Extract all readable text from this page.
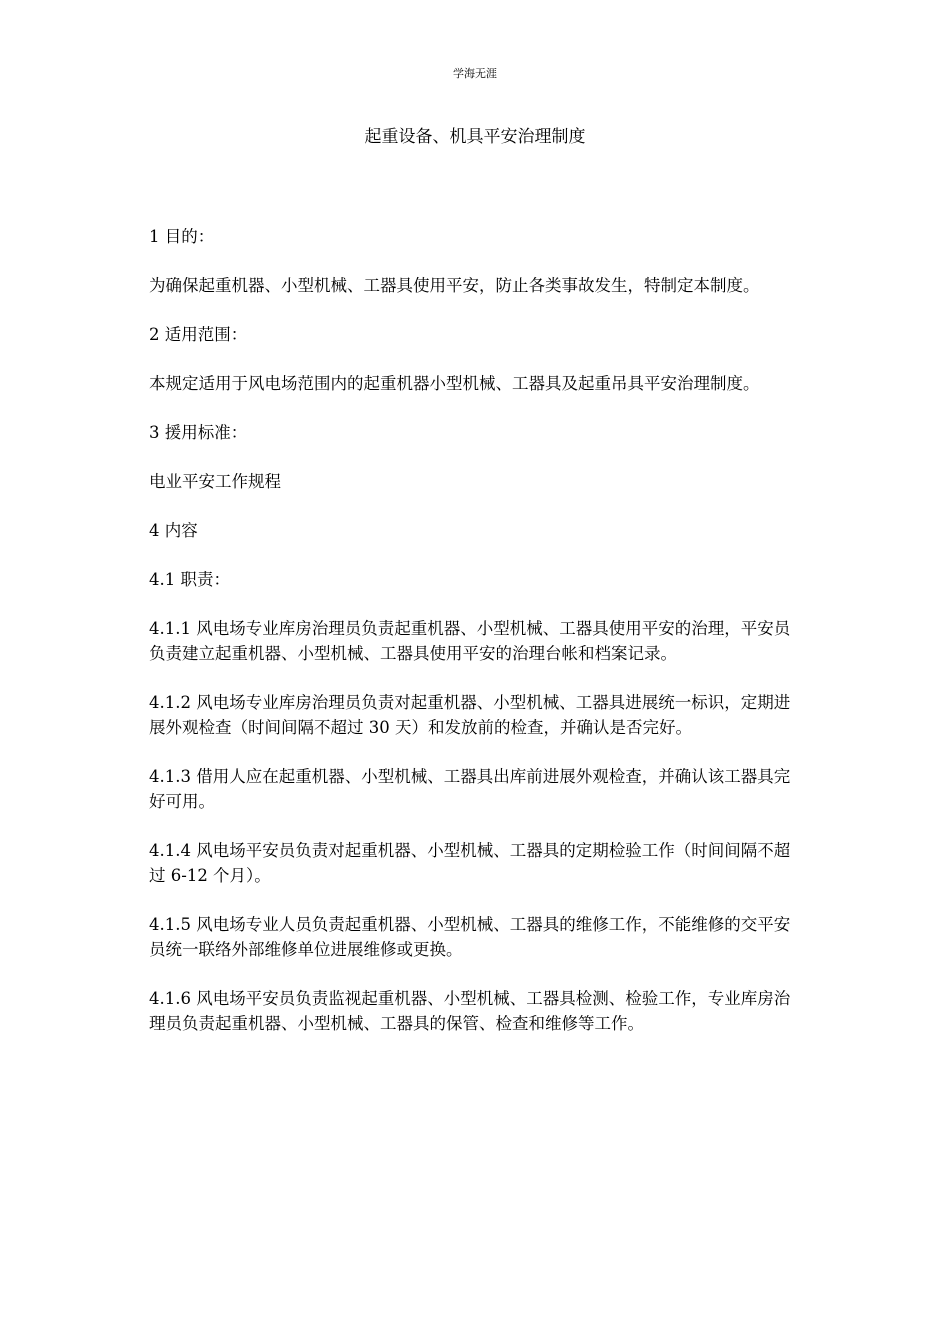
学海无涯
起重设备、机具平安治理制度

1 目的：

为确保起重机器、小型机械、工器具使用平安，防止各类事故发生，特制定本制度。

2 适用范围：

本规定适用于风电场范围内的起重机器小型机械、工器具及起重吊具平安治理制度。

3 援用标准：

电业平安工作规程

4 内容

4.1 职责：

4.1.1 风电场专业库房治理员负责起重机器、小型机械、工器具使用平安的治理，平安员负责建立起重机器、小型机械、工器具使用平安的治理台帐和档案记录。

4.1.2 风电场专业库房治理员负责对起重机器、小型机械、工器具进展统一标识，定期进展外观检查（时间间隔不超过 30 天）和发放前的检查，并确认是否完好。

4.1.3 借用人应在起重机器、小型机械、工器具出库前进展外观检查，并确认该工器具完好可用。

4.1.4 风电场平安员负责对起重机器、小型机械、工器具的定期检验工作（时间间隔不超过 6-12 个月）。

4.1.5 风电场专业人员负责起重机器、小型机械、工器具的维修工作，不能维修的交平安员统一联络外部维修单位进展维修或更换。

4.1.6 风电场平安员负责监视起重机器、小型机械、工器具检测、检验工作，专业库房治理员负责起重机器、小型机械、工器具的保管、检查和维修等工作。
